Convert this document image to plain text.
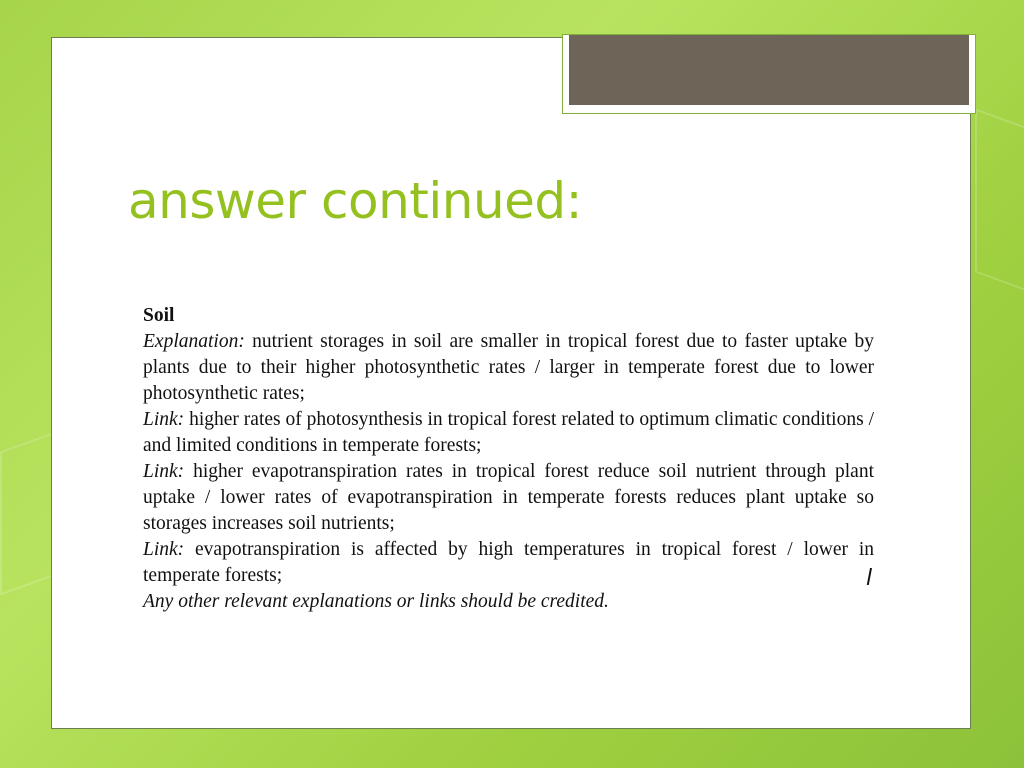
answer continued:

Soil

Explanation: nutrient storages in soil are smaller in tropical forest due to faster uptake by plants due to their higher photosynthetic rates / larger in temperate forest due to lower photosynthetic rates;

Link: higher rates of photosynthesis in tropical forest related to optimum climatic conditions / and limited conditions in temperate forests;

Link: higher evapotranspiration rates in tropical forest reduce soil nutrient through plant uptake / lower rates of evapotranspiration in temperate forests reduces plant uptake so storages increases soil nutrients;

Link: evapotranspiration is affected by high temperatures in tropical forest / lower in temperate forests;

Any other relevant explanations or links should be credited.

l
